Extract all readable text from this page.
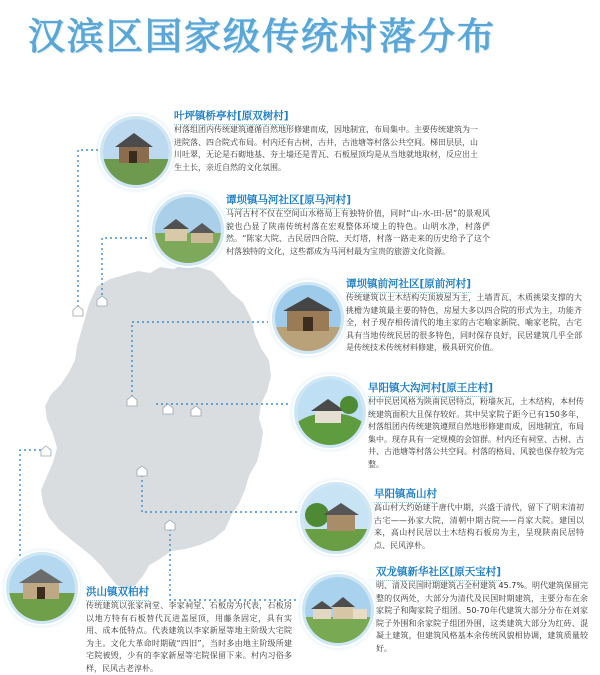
汉滨区国家级传统村落分布
叶坪镇桥亭村[原双树村]
村落组团内传统建筑遵循自然地形修建而成，因地制宜，布局集中。主要传统建筑为一进院落、四合院式布局。村内还有古树，古井，古池塘等村落公共空间。梯田层层，山川吐翠，无论是石砌地基、夯土墙还是青瓦、石板屋顶均是从当地就地取材，反应出土生土长，亲近自然的文化氛围。
谭坝镇马河社区[原马河村]
马河古村不仅在空间山水格局上有独特价值，同时“山-水-田-居”的景观风貌也凸显了陕南传统村落在宏观整体环境上的特色。山明水净，村落俨然。“陈家大院、古民居四合院、天灯塔，村落一路走来的历史给予了这个村落独特的文化，这些都成为马河村最为宝贵的旅游文化资源。
谭坝镇前河社区[原前河村]
传统建筑以土木结构尖顶坡屋为主，土墙青瓦，木质挑梁支撑的大挑檐为建筑最主要的特色，房屋大多以四合院的形式为主，功能齐全，村子现存相传清代的地主家的古宅喻家新院、喻家老院，古宅具有当地传统民居的很多特色，同时保存良好，民居建筑几乎全部是传统技术传统材料修建，极具研究价值。
早阳镇大沟河村[原王庄村]
村中民居风格为陕南民居特点，粉墙灰瓦，土木结构，本村传统建筑面积大且保存较好。其中吴家院子距今已有150多年，村落组团内传统建筑遵照自然地形修建而成，因地制宜，布局集中。现存具有一定规模的会馆群。村内还有祠堂、古树、古井、古池塘等村落公共空间。村落的格局、风貌也保存较为完整。
早阳镇高山村
高山村大约始建于唐代中期，兴盛于清代，留下了明末清初古宅——孙家大院，清朝中期古院——肖家大院。建国以来，高山村民居以土木结构石板房为主，呈现陕南民居特点、民风淳朴。
双龙镇新华社区[原天宝村]
明、清及民国时期建筑占全村建筑 45.7%。明代建筑保留完整的仅两处，大部分为清代及民国时期建筑，主要分布在余家院子和陶家院子组团。50-70年代建筑大部分分布在刘家院子外围和余家院子组团外围，这类建筑大部分为红砖、混凝土建筑，但建筑风格基本余传统风貌相协调，建筑质量较好。
洪山镇双柏村
传统建筑以张家祠堂、李家祠堂、石板房为代表，石板房以地方特有石板替代瓦进盖屋顶，用藤条固定，具有实用、成本低特点。代表建筑以李家新屋等地主阶级大宅院为主。文化大革命时期破“四旧”，当时多由地主阶级所建宅院被毁，少有的李家新屋等宅院保留下来。村内习俗多样，民风古老淳朴。
